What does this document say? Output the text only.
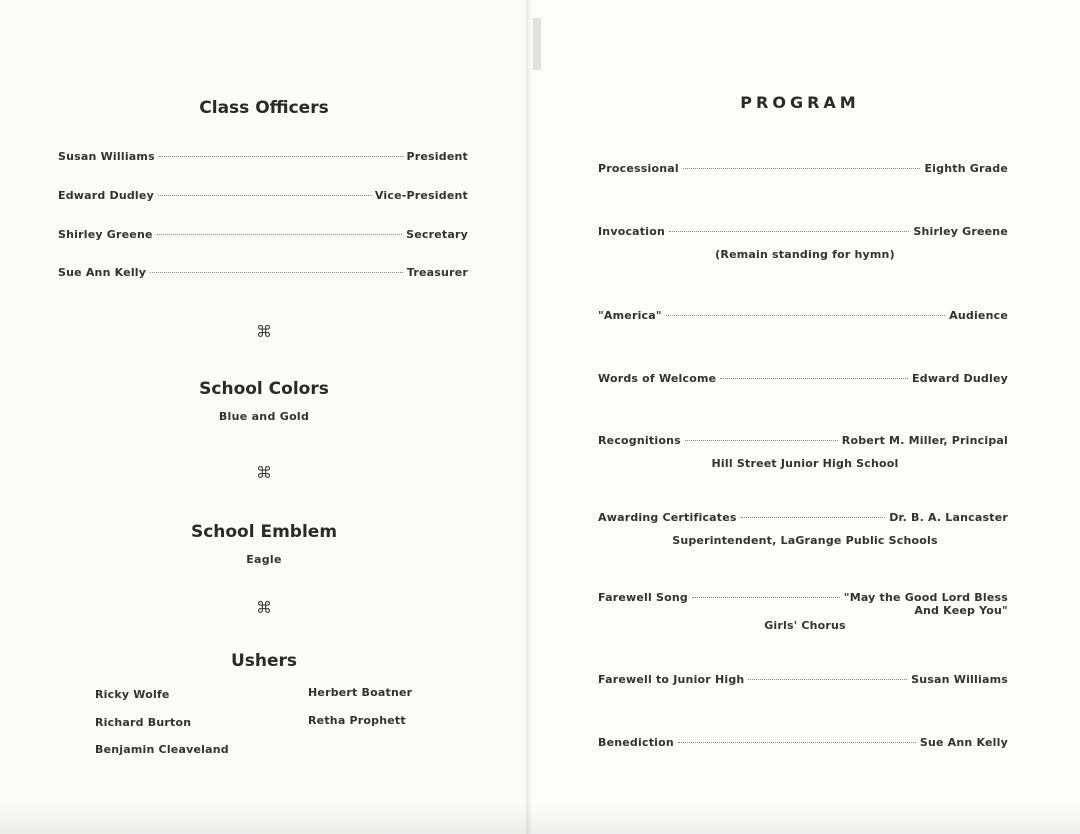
Class Officers
Susan Williams	President
Edward Dudley	Vice-President
Shirley Greene	Secretary
Sue Ann Kelly	Treasurer
⌘
School Colors
Blue and Gold
⌘
School Emblem
Eagle
⌘
Ushers
Ricky Wolfe
Richard Burton
Benjamin Cleaveland
Herbert Boatner
Retha Prophett
PROGRAM
Processional	Eighth Grade
Invocation	Shirley Greene
(Remain standing for hymn)
"America"	Audience
Words of Welcome	Edward Dudley
Recognitions	Robert M. Miller, Principal
Hill Street Junior High School
Awarding Certificates	Dr. B. A. Lancaster
Superintendent, LaGrange Public Schools
Farewell Song	"May the Good Lord Bless
And Keep You"
Girls' Chorus
Farewell to Junior High	Susan Williams
Benediction	Sue Ann Kelly
